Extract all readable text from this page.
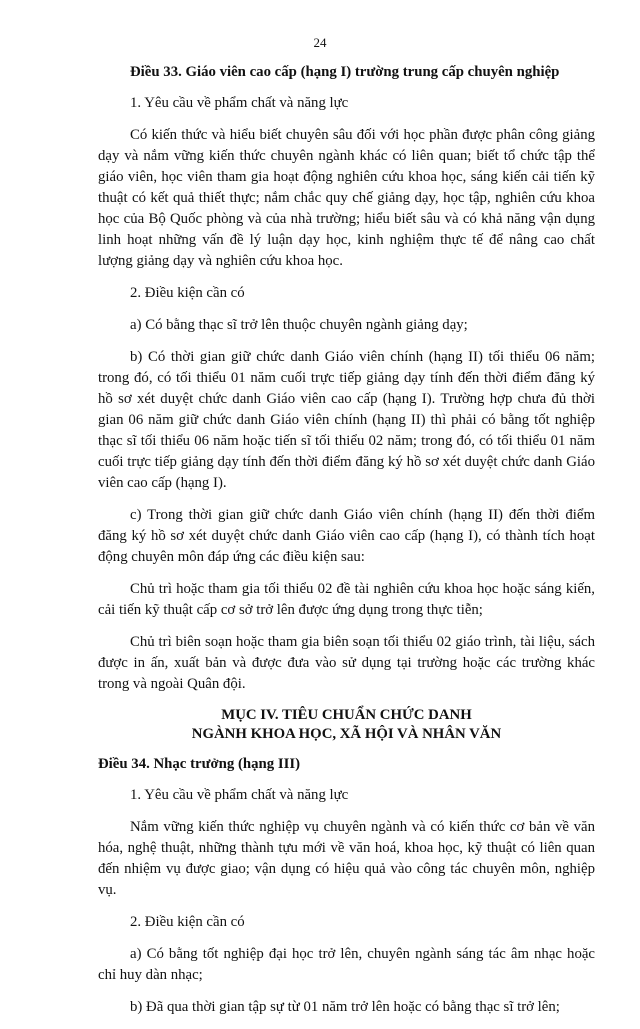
24

Điều 33. Giáo viên cao cấp (hạng I) trường trung cấp chuyên nghiệp

1. Yêu cầu về phẩm chất và năng lực

Có kiến thức và hiểu biết chuyên sâu đối với học phần được phân công giảng dạy và nắm vững kiến thức chuyên ngành khác có liên quan; biết tổ chức tập thể giáo viên, học viên tham gia hoạt động nghiên cứu khoa học, sáng kiến cải tiến kỹ thuật có kết quả thiết thực; nắm chắc quy chế giảng dạy, học tập, nghiên cứu khoa học của Bộ Quốc phòng và của nhà trường; hiểu biết sâu và có khả năng vận dụng linh hoạt những vấn đề lý luận dạy học, kinh nghiệm thực tế để nâng cao chất lượng giảng dạy và nghiên cứu khoa học.

2. Điều kiện cần có

a) Có bằng thạc sĩ trở lên thuộc chuyên ngành giảng dạy;

b) Có thời gian giữ chức danh Giáo viên chính (hạng II) tối thiểu 06 năm; trong đó, có tối thiểu 01 năm cuối trực tiếp giảng dạy tính đến thời điểm đăng ký hồ sơ xét duyệt chức danh Giáo viên cao cấp (hạng I). Trường hợp chưa đủ thời gian 06 năm giữ chức danh Giáo viên chính (hạng II) thì phải có bằng tốt nghiệp thạc sĩ tối thiểu 06 năm hoặc tiến sĩ tối thiểu 02 năm; trong đó, có tối thiểu 01 năm cuối trực tiếp giảng dạy tính đến thời điểm đăng ký hồ sơ xét duyệt chức danh Giáo viên cao cấp (hạng I).

c) Trong thời gian giữ chức danh Giáo viên chính (hạng II) đến thời điểm đăng ký hồ sơ xét duyệt chức danh Giáo viên cao cấp (hạng I), có thành tích hoạt động chuyên môn đáp ứng các điều kiện sau:

Chủ trì hoặc tham gia tối thiểu 02 đề tài nghiên cứu khoa học hoặc sáng kiến, cải tiến kỹ thuật cấp cơ sở trở lên được ứng dụng trong thực tiễn;

Chủ trì biên soạn hoặc tham gia biên soạn tối thiểu 02 giáo trình, tài liệu, sách được in ấn, xuất bản và được đưa vào sử dụng tại trường hoặc các trường khác trong và ngoài Quân đội.

MỤC IV. TIÊU CHUẨN CHỨC DANH
NGÀNH KHOA HỌC, XÃ HỘI VÀ NHÂN VĂN

Điều 34. Nhạc trưởng (hạng III)

1. Yêu cầu về phẩm chất và năng lực

Nắm vững kiến thức nghiệp vụ chuyên ngành và có kiến thức cơ bản về văn hóa, nghệ thuật, những thành tựu mới về văn hoá, khoa học, kỹ thuật có liên quan đến nhiệm vụ được giao; vận dụng có hiệu quả vào công tác chuyên môn, nghiệp vụ.

2. Điều kiện cần có

a) Có bằng tốt nghiệp đại học trở lên, chuyên ngành sáng tác âm nhạc hoặc chỉ huy dàn nhạc;

b) Đã qua thời gian tập sự từ 01 năm trở lên hoặc có bằng thạc sĩ trở lên;
